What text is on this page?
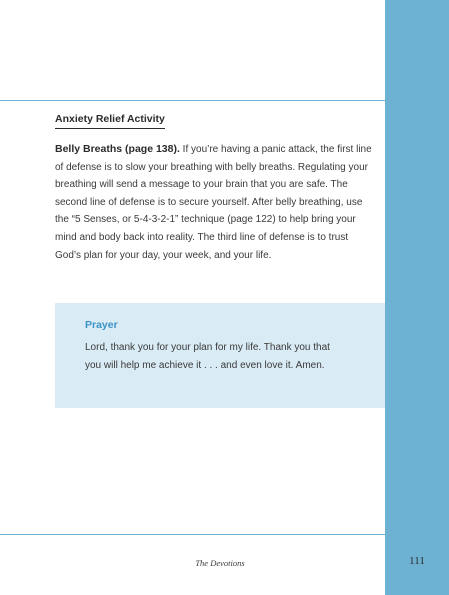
Anxiety Relief Activity
Belly Breaths (page 138). If you’re having a panic attack, the first line of defense is to slow your breathing with belly breaths. Regulating your breathing will send a message to your brain that you are safe. The second line of defense is to secure yourself. After belly breathing, use the “5 Senses, or 5-4-3-2-1” technique (page 122) to help bring your mind and body back into reality. The third line of defense is to trust God’s plan for your day, your week, and your life.
Prayer
Lord, thank you for your plan for my life. Thank you that you will help me achieve it . . . and even love it. Amen.
The Devotions	111
